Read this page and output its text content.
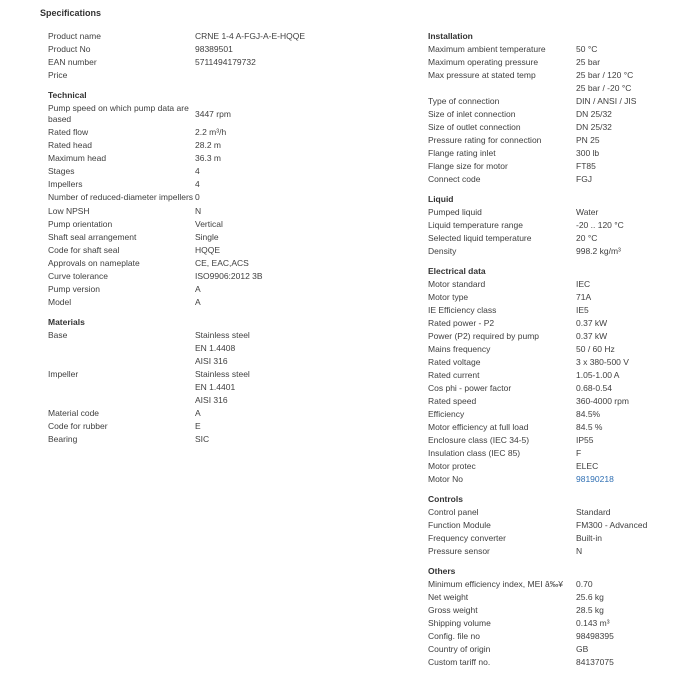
Specifications
Product name	CRNE 1-4 A-FGJ-A-E-HQQE
Product No	98389501
EAN number	5711494179732
Price

Technical
Pump speed on which pump data are based	3447 rpm
Rated flow	2.2 m³/h
Rated head	28.2 m
Maximum head	36.3 m
Stages	4
Impellers	4
Number of reduced-diameter impellers 0
Low NPSH	N
Pump orientation	Vertical
Shaft seal arrangement	Single
Code for shaft seal	HQQE
Approvals on nameplate	CE, EAC,ACS
Curve tolerance	ISO9906:2012 3B
Pump version	A
Model	A
Materials
Base	Stainless steel
EN 1.4408
AISI 316
Impeller	Stainless steel
EN 1.4401
AISI 316
Material code	A
Code for rubber	E
Bearing	SIC
Installation
Maximum ambient temperature	50 °C
Maximum operating pressure	25 bar
Max pressure at stated temp	25 bar / 120 °C
25 bar / -20 °C
Type of connection	DIN / ANSI / JIS
Size of inlet connection	DN 25/32
Size of outlet connection	DN 25/32
Pressure rating for connection	PN 25
Flange rating inlet	300 lb
Flange size for motor	FT85
Connect code	FGJ
Liquid
Pumped liquid	Water
Liquid temperature range	-20 .. 120 °C
Selected liquid temperature	20 °C
Density	998.2 kg/m³
Electrical data
Motor standard	IEC
Motor type	71A
IE Efficiency class	IE5
Rated power - P2	0.37 kW
Power (P2) required by pump	0.37 kW
Mains frequency	50 / 60 Hz
Rated voltage	3 x 380-500 V
Rated current	1.05-1.00 A
Cos phi - power factor	0.68-0.54
Rated speed	360-4000 rpm
Efficiency	84.5%
Motor efficiency at full load	84.5 %
Enclosure class (IEC 34-5)	IP55
Insulation class (IEC 85)	F
Motor protec	ELEC
Motor No	98190218
Controls
Control panel	Standard
Function Module	FM300 - Advanced
Frequency converter	Built-in
Pressure sensor	N
Others
Minimum efficiency index, MEI â‰¥	0.70
Net weight	25.6 kg
Gross weight	28.5 kg
Shipping volume	0.143 m³
Config. file no	98498395
Country of origin	GB
Custom tariff no.	84137075
